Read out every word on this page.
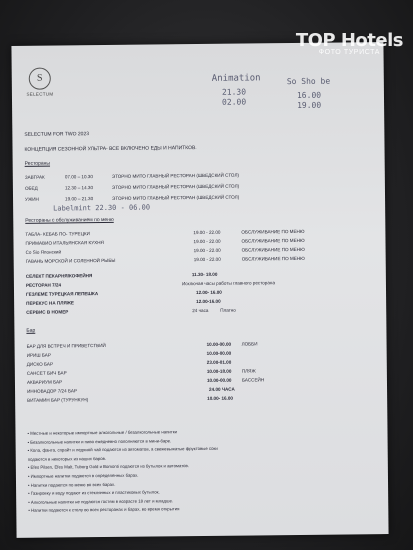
S
SELECTUM
Animation
21.30
02.00
So Sho be
16.00
19.00
SELECTUM FOR TWO 2023
КОНЦЕПЦИЯ СЕЗОННОЙ УЛЬТРА- ВСЕ ВКЛЮЧЕНО ЕДЫ И НАПИТКОВ.
Рестораны
ЗАВТРАК	07.00 – 10.30	ЭТОРНО МИТО ГЛАВНЫЙ РЕСТОРАН (ШВЕДСКИЙ СТОЛ)
ОБЕД	12.30 – 14.30	ЭТОРНО МИТО ГЛАВНЫЙ РЕСТОРАН (ШВЕДСКИЙ СТОЛ)
УЖИН	19.00 – 21.30	ЭТОРНО МИТО ГЛАВНЫЙ РЕСТОРАН (ШВЕДСКИЙ СТОЛ)
Labelmint 22.30 - 06.00
Рестораны с обслуживанием по меню
ТАБЛА- КЕБАБ ПО- ТУРЕЦКИ	19.00 - 22.00	ОБСЛУЖИВАНИЕ ПО МЕНЮ
ПРИМАВИО ИТАЛЬЯНСКАЯ КУХНЯ	19.00 - 22.00	ОБСЛУЖИВАНИЕ ПО МЕНЮ
Co Sio Японский	19.00 - 22.00	ОБСЛУЖИВАНИЕ ПО МЕНЮ
ГАВАНЬ МОРСКОЙ И СОЛЕННОЙ РЫБЫ	19.00 - 22.00	ОБСЛУЖИВАНИЕ ПО МЕНЮ
СЕЛЕКТ ПЕКАРНЯ/КОФЕЙНЯ	11.30- 18.00
РЕСТОРАН 7/24	Исключая часы работы главного ресторана
ГЕЗЛЕМЕ ТУРЕЦКАЯ ЛЕПЕШКА	12.00- 16.00
ПЕРЕКУС НА ПЛЯЖЕ	12.00-16.00
СЕРВИС В НОМЕР	24 часа	Платно
Бар
БАР ДЛЯ ВСТРЕЧ И ПРИВЕТСТВИЙ	10.00-00.00 ЛОББИ
ИРИШ БАР	10.00-00.00
ДИСКО БАР	23.00-01.00
САНСЕТ БИЧ БАР	10.00-18.00 ПЛЯЖ
АКВАРИУМ БАР	10.00-00.00 БАССЕЙН
ИННОВАДОР 7/24 БАР	24.00 ЧАСА
ВИТАМИН БАР (ТУРУНКУН)	10.00- 16.00
• Местные и некоторые импортные алкогольные / безалкогольные напитки
• Безалкогольные напитки и пиво ежедневно пополняются в мини-баре.
• Кола, фанта, спрайт и ледяной чай подаются из автоматов, а свежевыжатые фруктовые соки
подаются в некоторых из наших баров.
• Efes Pilsen, Efes Malt, Tuborg Gold и Bomonti подаются из бутылок и автоматов.
• Импортные напитки подаются в определенных барах.
• Напитки подаются по меню во всех барах.
• Газировку и воду подают из стеклянных и пластиковых бутылок.
• Алкогольные напитки не подаются гостям в возрасте 18 лет и младше.
• Напитки подаются к столу во всех ресторанах и барах, во время открытия
TOP Hotels
ФОТО ТУРИСТА
